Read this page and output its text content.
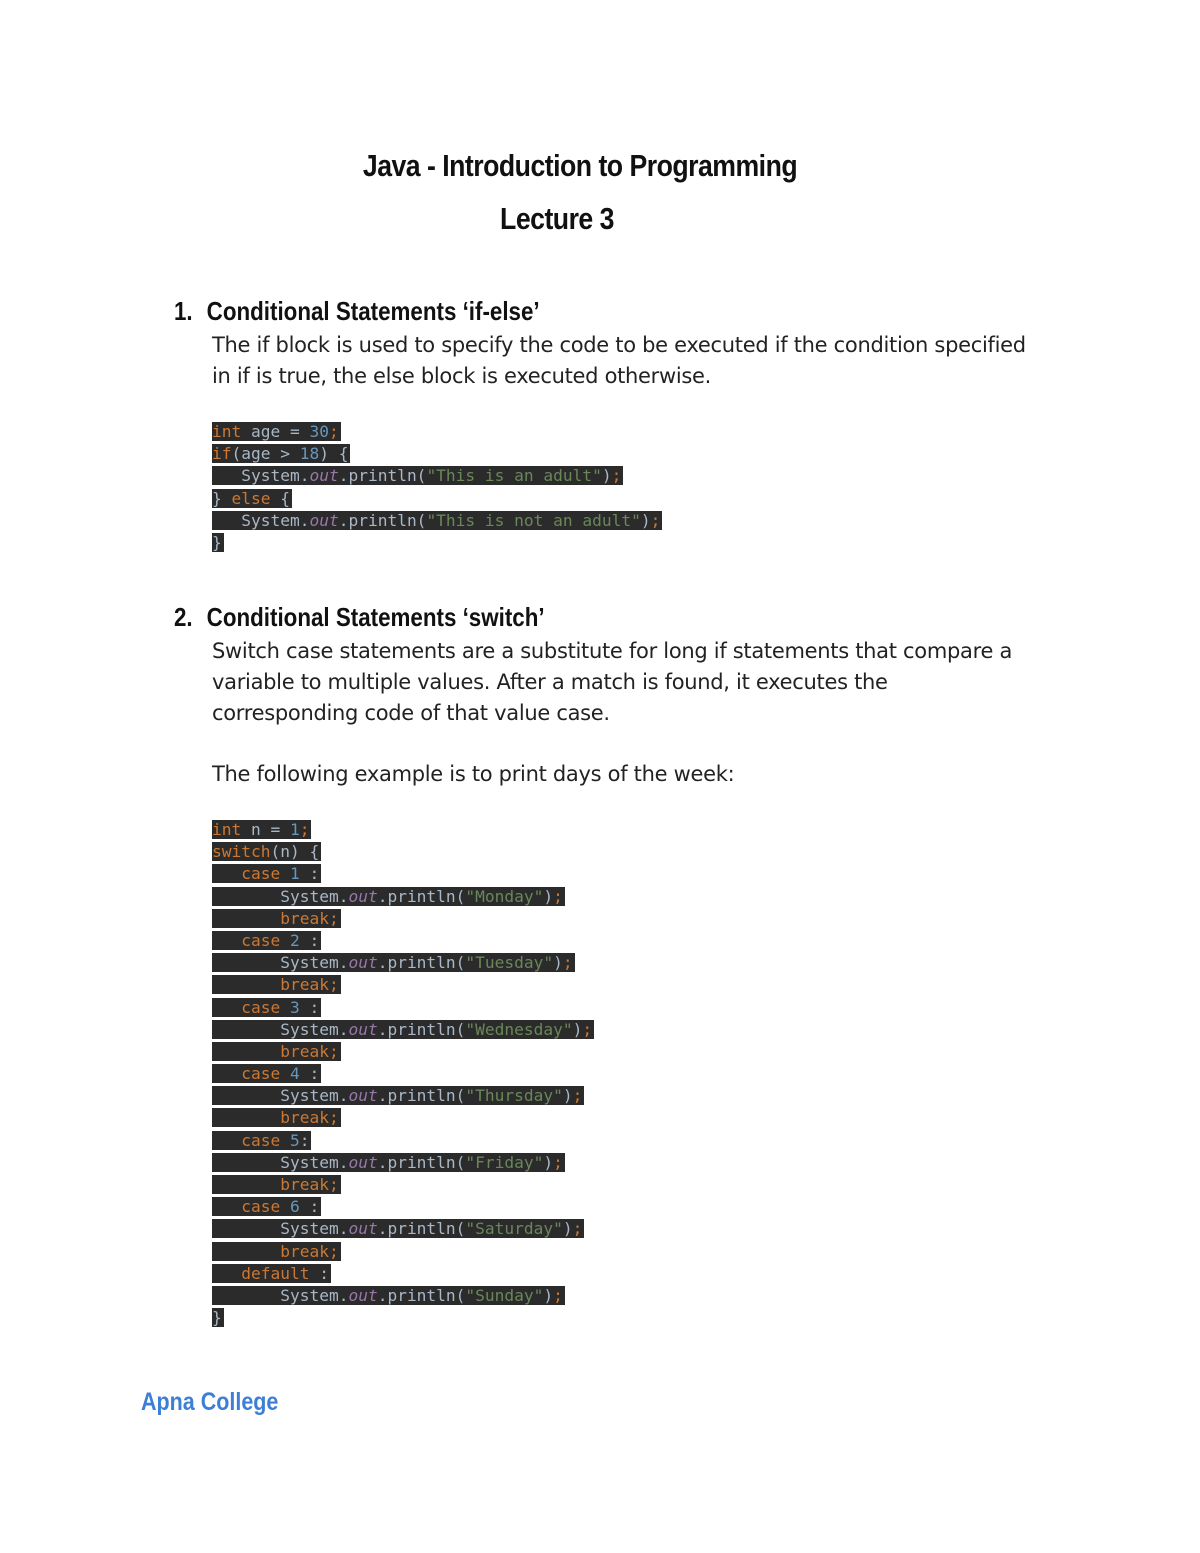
Java - Introduction to Programming
Lecture 3
1. Conditional Statements ‘if-else’

The if block is used to specify the code to be executed if the condition specified
in if is true, the else block is executed otherwise.

int age = 30;
if(age > 18) {
System.out.println("This is an adult");
} else {
System.out.println("This is not an adult");
}
2. Conditional Statements ‘switch’

Switch case statements are a substitute for long if statements that compare a
variable to multiple values. After a match is found, it executes the
corresponding code of that value case.

The following example is to print days of the week:

int n = 1;
switch(n) {
case 1 :
System.out.println("Monday");
break;
case 2 :
System.out.println("Tuesday");
break;
case 3 :
System.out.println("Wednesday");
break;
case 4 :
System.out.println("Thursday");
break;
case 5:
System.out.println("Friday");
break;
case 6 :
System.out.println("Saturday");
break;
default :
System.out.println("Sunday");
}
Apna College
